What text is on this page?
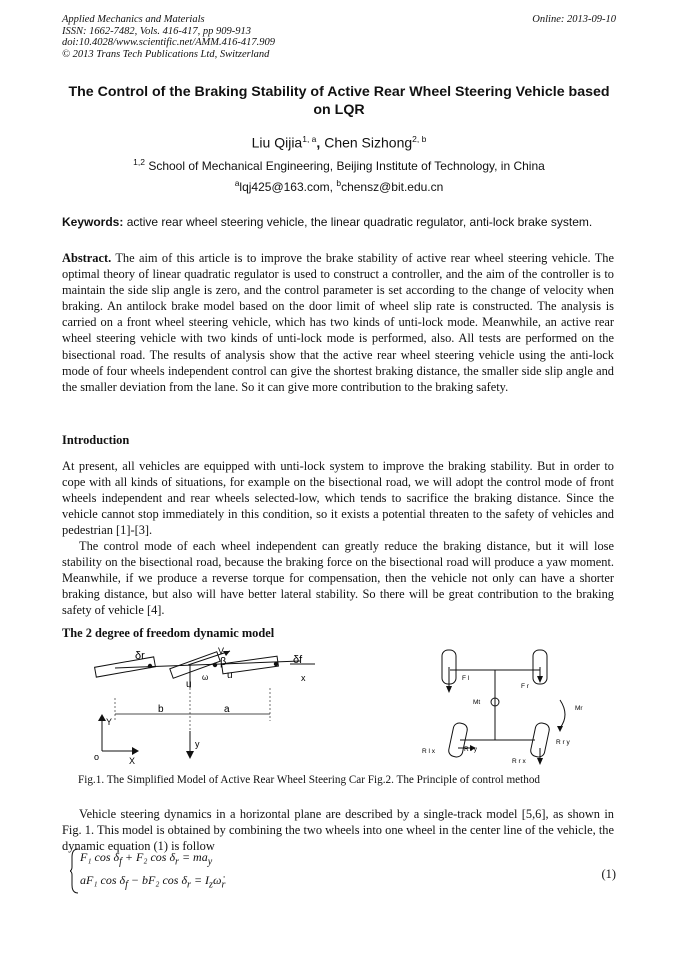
Applied Mechanics and Materials
ISSN: 1662-7482, Vols. 416-417, pp 909-913
doi:10.4028/www.scientific.net/AMM.416-417.909
© 2013 Trans Tech Publications Ltd, Switzerland
Online: 2013-09-10
The Control of the Braking Stability of Active Rear Wheel Steering Vehicle based on LQR
Liu Qijia$^{1, a}$, Chen Sizhong$^{2, b}$
$^{1,2}$ School of Mechanical Engineering, Beijing Institute of Technology, in China
$^a$lqj425@163.com, $^b$chensz@bit.edu.cn
Keywords: active rear wheel steering vehicle, the linear quadratic regulator, anti-lock brake system.
Abstract. The aim of this article is to improve the brake stability of active rear wheel steering vehicle. The optimal theory of linear quadratic regulator is used to construct a controller, and the aim of the controller is to maintain the side slip angle is zero, and the control parameter is set according to the change of velocity when braking. An antilock brake model based on the door limit of wheel slip rate is constructed. The analysis is carried on a front wheel steering vehicle, which has two kinds of unti-lock mode. Meanwhile, an active rear wheel steering vehicle with two kinds of unti-lock mode is performed, also. All tests are performed on the bisectional road. The results of analysis show that the active rear wheel steering vehicle using the anti-lock mode of four wheels independent control can give the shortest braking distance, the smaller side slip angle and the smaller deviation from the lane. So it can give more contribution to the braking safety.
Introduction
At present, all vehicles are equipped with unti-lock system to improve the braking stability. But in order to cope with all kinds of situations, for example on the bisectional road, we will adopt the control mode of front wheels independent and rear wheels selected-low, which tends to sacrifice the braking distance. Since the vehicle cannot stop immediately in this condition, so it exists a potential threaten to the safety of vehicles and pedestrian [1]-[3].
The control mode of each wheel independent can greatly reduce the braking distance, but it will lose stability on the bisectional road, because the braking force on the bisectional road will produce a yaw moment. Meanwhile, if we produce a reverse torque for compensation, then the vehicle not only can have a shorter braking distance, but also will have better lateral stability. So there will be great contribution to the braking safety of vehicle [4].
The 2 degree of freedom dynamic model
δr	V
β	δf
ω
u
u	x
b	a
Y
y
o	X
F l
F r
Mt
Mr
R l x	R l y
R r y
R r x
Fig.1. The Simplified Model of Active Rear Wheel Steering Car Fig.2. The Principle of control method
Vehicle steering dynamics in a horizontal plane are described by a single-track model [5,6], as shown in Fig. 1. This model is obtained by combining the two wheels into one wheel in the center line of the vehicle, the dynamic equation (1) is follow
F₁ $\cos \delta_f + F_2$ $\cos \delta_r = ma_y$
aF₁ $\cos \delta_f - bF_2$ $\cos \delta_r$ = $I_z\omegȧ_r$
(1)
